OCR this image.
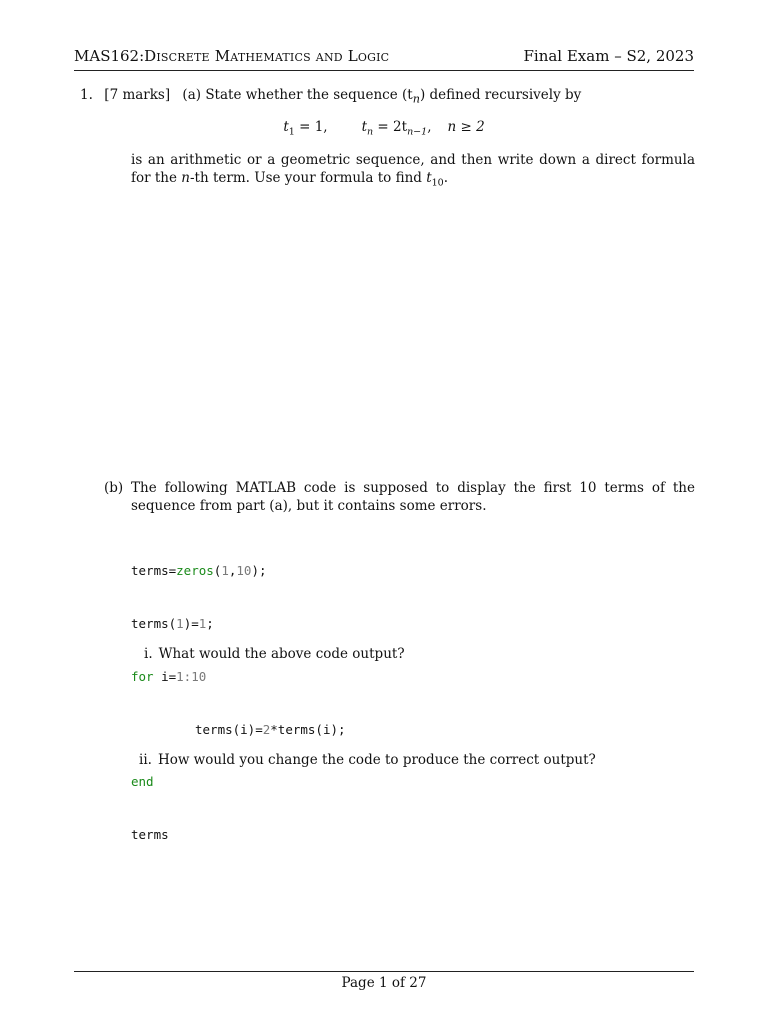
MAS162:Discrete Mathematics and Logic	Final Exam – S2, 2023
1. [7 marks] (a) State whether the sequence $(t_n)$ defined recursively by
$t_1 = 1$,	$t_n = 2t_{n-1}$, n ≥ 2
is an arithmetic or a geometric sequence, and then write down a direct formula for the n-th term. Use your formula to find $t_{10}$.
(b) The following MATLAB code is supposed to display the first 10 terms of the sequence from part (a), but it contains some errors.

terms=zeros(1,10);

terms(1)=1;

for i=1:10

terms(i)=2*terms(i);

end

terms

i. What would the above code output?
ii. How would you change the code to produce the correct output?
Page 1 of 27
